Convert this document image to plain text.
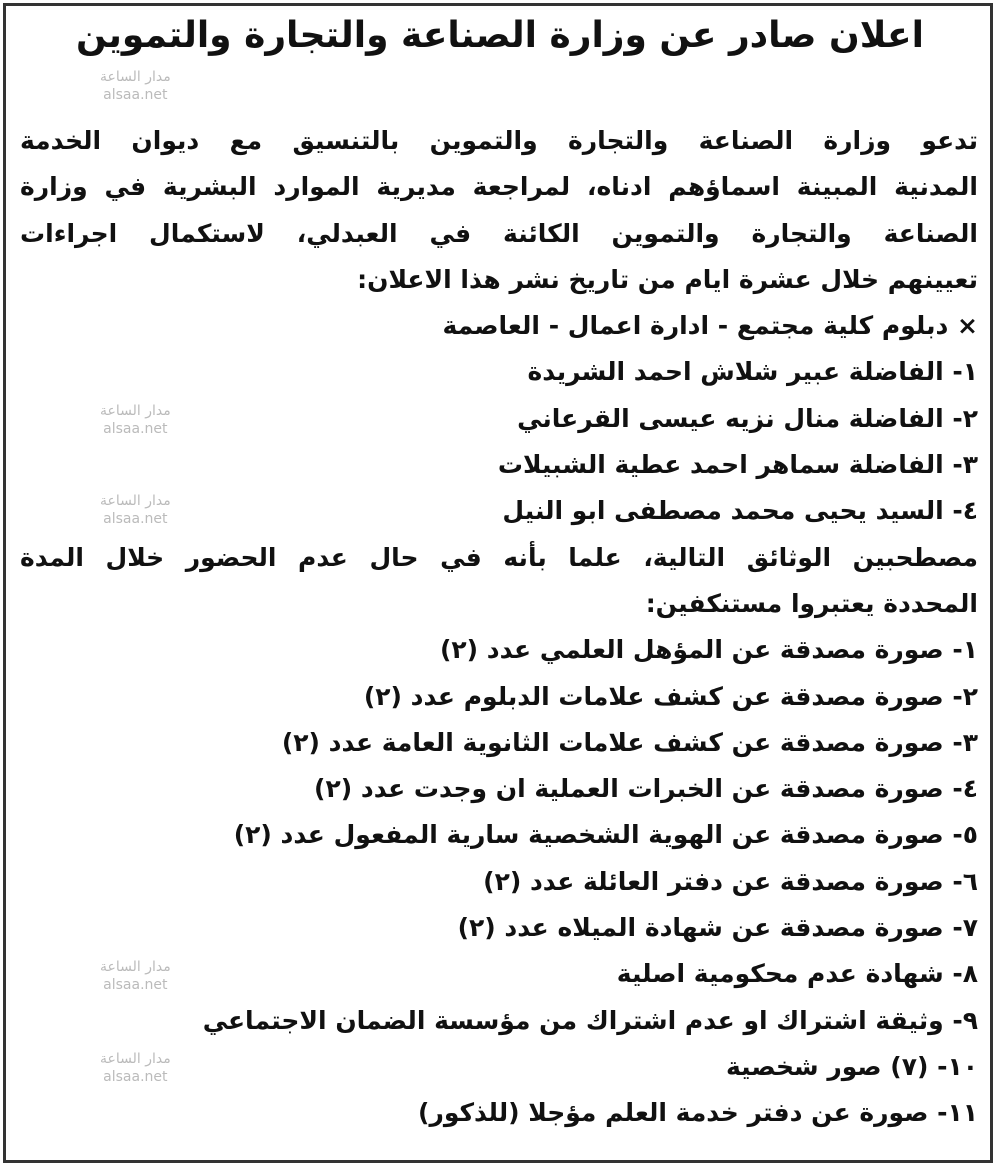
اعلان صادر عن وزارة الصناعة والتجارة والتموين
تدعو وزارة الصناعة والتجارة والتموين بالتنسيق مع ديوان الخدمة
المدنية المبينة اسماؤهم ادناه، لمراجعة مديرية الموارد البشرية في وزارة
الصناعة والتجارة والتموين الكائنة في العبدلي، لاستكمال اجراءات
تعيينهم خلال عشرة ايام من تاريخ نشر هذا الاعلان:
× دبلوم كلية مجتمع - ادارة اعمال - العاصمة
١- الفاضلة عبير شلاش احمد الشريدة
٢- الفاضلة منال نزيه عيسى القرعاني
٣- الفاضلة سماهر احمد عطية الشبيلات
٤- السيد يحيى محمد مصطفى ابو النيل
مصطحبين الوثائق التالية، علما بأنه في حال عدم الحضور خلال المدة
المحددة يعتبروا مستنكفين:
١- صورة مصدقة عن المؤهل العلمي عدد (٢)
٢- صورة مصدقة عن كشف علامات الدبلوم عدد (٢)
٣- صورة مصدقة عن كشف علامات الثانوية العامة عدد (٢)
٤- صورة مصدقة عن الخبرات العملية ان وجدت عدد (٢)
٥- صورة مصدقة عن الهوية الشخصية سارية المفعول عدد (٢)
٦- صورة مصدقة عن دفتر العائلة عدد (٢)
٧- صورة مصدقة عن شهادة الميلاه عدد (٢)
٨- شهادة عدم محكومية اصلية
٩- وثيقة اشتراك او عدم اشتراك من مؤسسة الضمان الاجتماعي
١٠- (٧) صور شخصية
١١- صورة عن دفتر خدمة العلم مؤجلا (للذكور)
مدار الساعة
alsaa.net
مدار الساعة
alsaa.net
مدار الساعة
alsaa.net
مدار الساعة
alsaa.net
مدار الساعة
alsaa.net
